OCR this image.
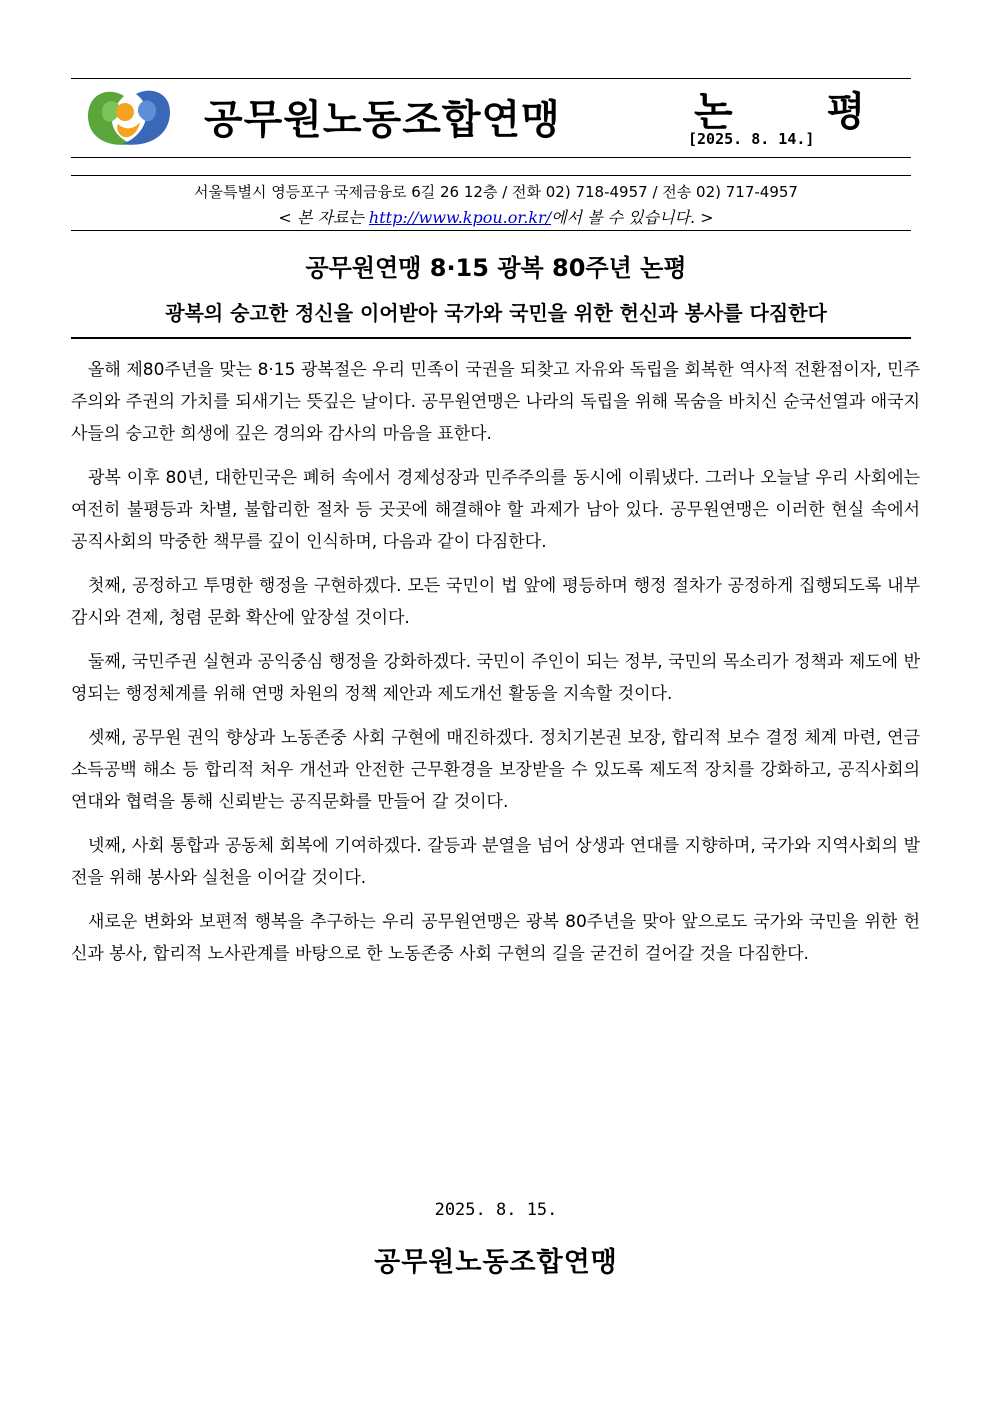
공무원노동조합연맹	논 평
[2025. 8. 14.]
서울특별시 영등포구 국제금융로 6길 26 12층 / 전화 02) 718-4957 / 전송 02) 717-4957
< 본 자료는 http://www.kpou.or.kr/에서 볼 수 있습니다. >
공무원연맹 8·15 광복 80주년 논평
광복의 숭고한 정신을 이어받아 국가와 국민을 위한 헌신과 봉사를 다짐한다

올해 제80주년을 맞는 8·15 광복절은 우리 민족이 국권을 되찾고 자유와 독립을 회복한 역사적 전환점이자, 민주주의와 주권의 가치를 되새기는 뜻깊은 날이다. 공무원연맹은 나라의 독립을 위해 목숨을 바치신 순국선열과 애국지사들의 숭고한 희생에 깊은 경의와 감사의 마음을 표한다.

광복 이후 80년, 대한민국은 폐허 속에서 경제성장과 민주주의를 동시에 이뤄냈다. 그러나 오늘날 우리 사회에는 여전히 불평등과 차별, 불합리한 절차 등 곳곳에 해결해야 할 과제가 남아 있다. 공무원연맹은 이러한 현실 속에서 공직사회의 막중한 책무를 깊이 인식하며, 다음과 같이 다짐한다.

첫째, 공정하고 투명한 행정을 구현하겠다. 모든 국민이 법 앞에 평등하며 행정 절차가 공정하게 집행되도록 내부 감시와 견제, 청렴 문화 확산에 앞장설 것이다.

둘째, 국민주권 실현과 공익중심 행정을 강화하겠다. 국민이 주인이 되는 정부, 국민의 목소리가 정책과 제도에 반영되는 행정체계를 위해 연맹 차원의 정책 제안과 제도개선 활동을 지속할 것이다.

셋째, 공무원 권익 향상과 노동존중 사회 구현에 매진하겠다. 정치기본권 보장, 합리적 보수 결정 체계 마련, 연금 소득공백 해소 등 합리적 처우 개선과 안전한 근무환경을 보장받을 수 있도록 제도적 장치를 강화하고, 공직사회의 연대와 협력을 통해 신뢰받는 공직문화를 만들어 갈 것이다.

넷째, 사회 통합과 공동체 회복에 기여하겠다. 갈등과 분열을 넘어 상생과 연대를 지향하며, 국가와 지역사회의 발전을 위해 봉사와 실천을 이어갈 것이다.

새로운 변화와 보편적 행복을 추구하는 우리 공무원연맹은 광복 80주년을 맞아 앞으로도 국가와 국민을 위한 헌신과 봉사, 합리적 노사관계를 바탕으로 한 노동존중 사회 구현의 길을 굳건히 걸어갈 것을 다짐한다.

2025. 8. 15.
공무원노동조합연맹
